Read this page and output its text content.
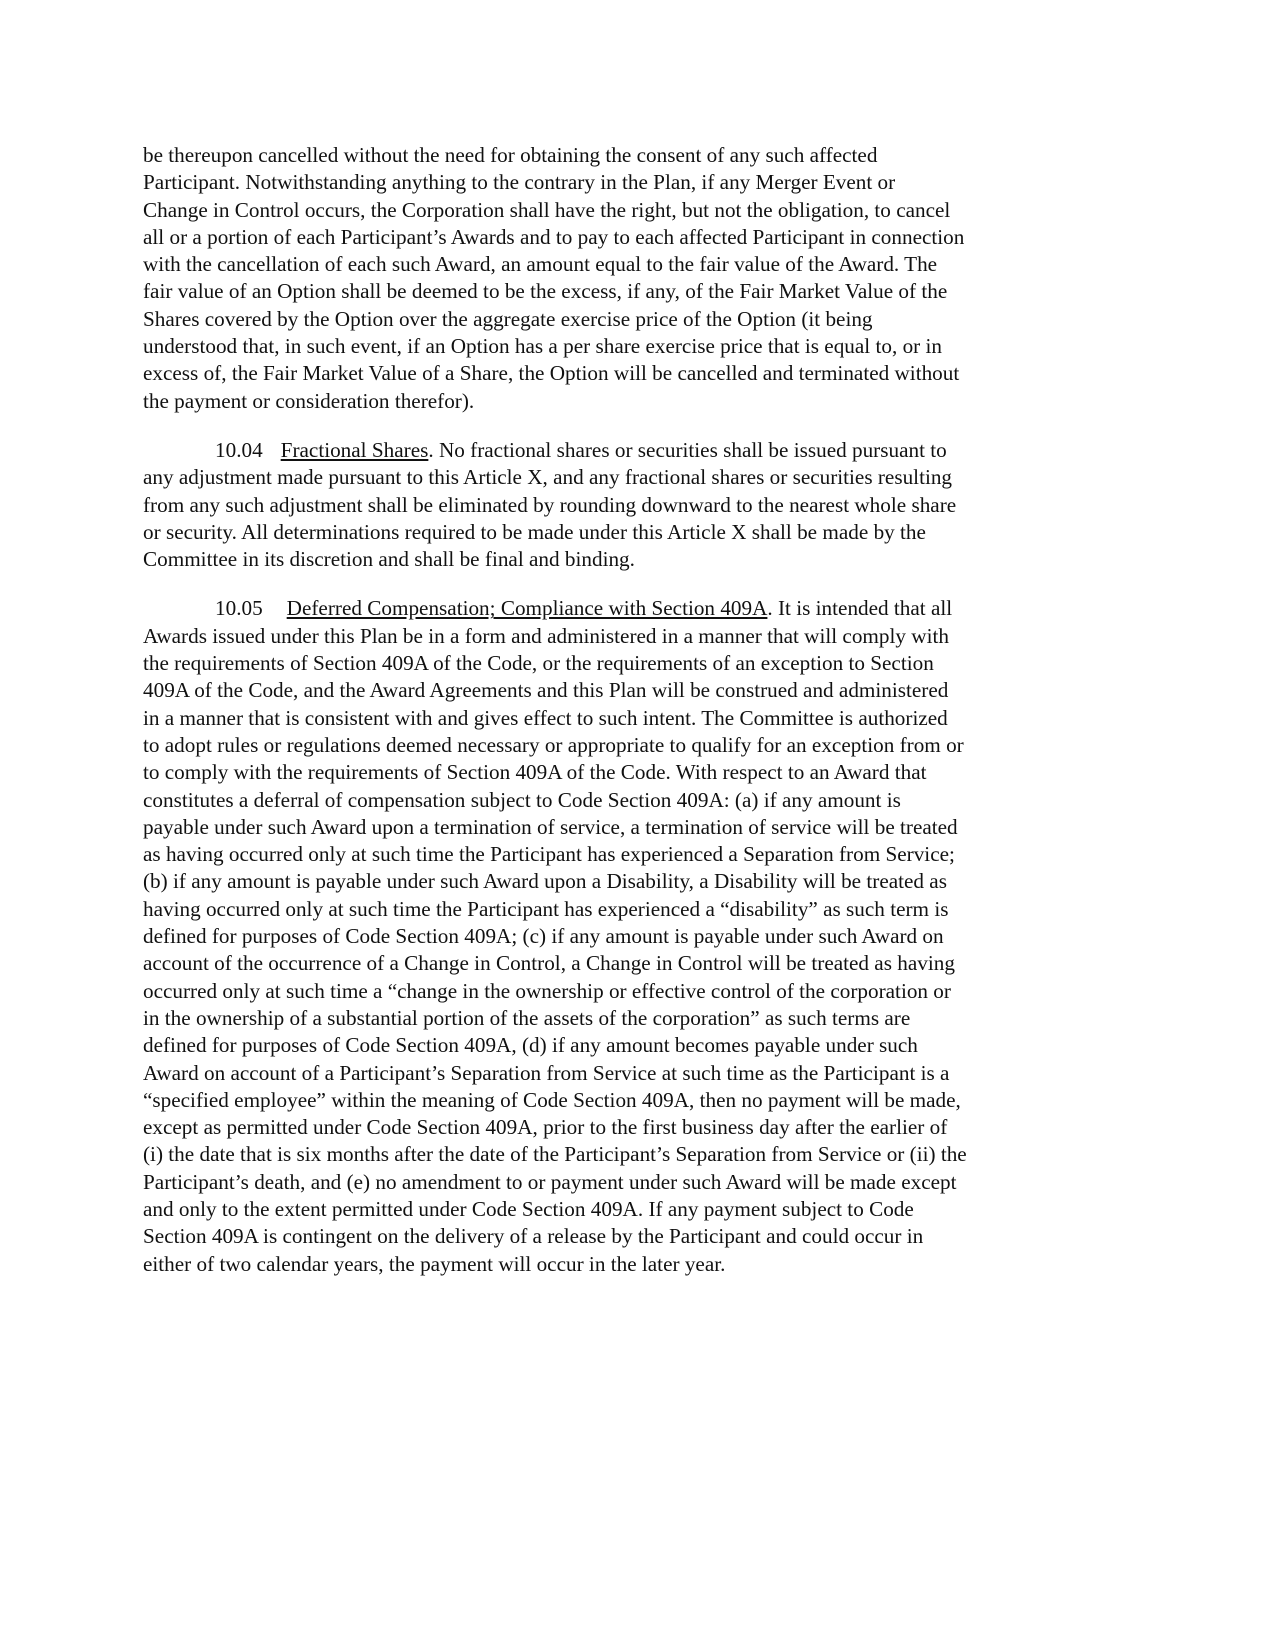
be thereupon cancelled without the need for obtaining the consent of any such affected
Participant. Notwithstanding anything to the contrary in the Plan, if any Merger Event or
Change in Control occurs, the Corporation shall have the right, but not the obligation, to cancel
all or a portion of each Participant’s Awards and to pay to each affected Participant in connection
with the cancellation of each such Award, an amount equal to the fair value of the Award. The
fair value of an Option shall be deemed to be the excess, if any, of the Fair Market Value of the
Shares covered by the Option over the aggregate exercise price of the Option (it being
understood that, in such event, if an Option has a per share exercise price that is equal to, or in
excess of, the Fair Market Value of a Share, the Option will be cancelled and terminated without
the payment or consideration therefor).
10.04 Fractional Shares. No fractional shares or securities shall be issued pursuant to
any adjustment made pursuant to this Article X, and any fractional shares or securities resulting
from any such adjustment shall be eliminated by rounding downward to the nearest whole share
or security. All determinations required to be made under this Article X shall be made by the
Committee in its discretion and shall be final and binding.
10.05 Deferred Compensation; Compliance with Section 409A. It is intended that all
Awards issued under this Plan be in a form and administered in a manner that will comply with
the requirements of Section 409A of the Code, or the requirements of an exception to Section
409A of the Code, and the Award Agreements and this Plan will be construed and administered
in a manner that is consistent with and gives effect to such intent. The Committee is authorized
to adopt rules or regulations deemed necessary or appropriate to qualify for an exception from or
to comply with the requirements of Section 409A of the Code. With respect to an Award that
constitutes a deferral of compensation subject to Code Section 409A: (a) if any amount is
payable under such Award upon a termination of service, a termination of service will be treated
as having occurred only at such time the Participant has experienced a Separation from Service;
(b) if any amount is payable under such Award upon a Disability, a Disability will be treated as
having occurred only at such time the Participant has experienced a “disability” as such term is
defined for purposes of Code Section 409A; (c) if any amount is payable under such Award on
account of the occurrence of a Change in Control, a Change in Control will be treated as having
occurred only at such time a “change in the ownership or effective control of the corporation or
in the ownership of a substantial portion of the assets of the corporation” as such terms are
defined for purposes of Code Section 409A, (d) if any amount becomes payable under such
Award on account of a Participant’s Separation from Service at such time as the Participant is a
“specified employee” within the meaning of Code Section 409A, then no payment will be made,
except as permitted under Code Section 409A, prior to the first business day after the earlier of
(i) the date that is six months after the date of the Participant’s Separation from Service or (ii) the
Participant’s death, and (e) no amendment to or payment under such Award will be made except
and only to the extent permitted under Code Section 409A. If any payment subject to Code
Section 409A is contingent on the delivery of a release by the Participant and could occur in
either of two calendar years, the payment will occur in the later year.
